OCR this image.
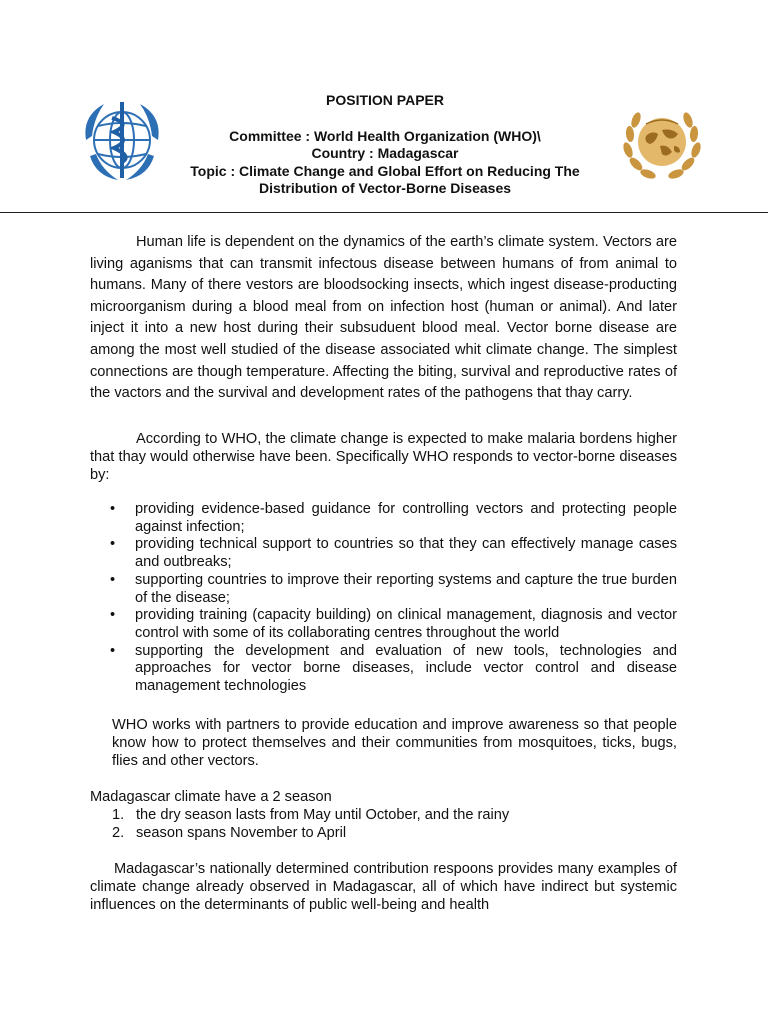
POSITION PAPER
Committee : World Health Organization (WHO)\
Country : Madagascar
Topic : Climate Change and Global Effort on Reducing The Distribution of Vector-Borne Diseases
Human life is dependent on the dynamics of the earth’s climate system. Vectors are living aganisms that can transmit infectous disease between humans of from animal to humans. Many of there vestors are bloodsocking insects, which ingest disease-producting microorganism during a blood meal from on infection host (human or animal). And later inject it into a new host during their subsuduent blood meal. Vector borne disease are among the most well studied of the disease associated whit climate change. The simplest connections are though temperature. Affecting the biting, survival and reproductive rates of the vactors and the survival and development rates of the pathogens that thay carry.
According to WHO, the climate change is expected to make malaria bordens higher that thay would otherwise have been. Specifically WHO responds to vector-borne diseases by:
• providing evidence-based guidance for controlling vectors and protecting people against infection;
• providing technical support to countries so that they can effectively manage cases and outbreaks;
• supporting countries to improve their reporting systems and capture the true burden of the disease;
• providing training (capacity building) on clinical management, diagnosis and vector control with some of its collaborating centres throughout the world
• supporting the development and evaluation of new tools, technologies and approaches for vector borne diseases, include vector control and disease management technologies
WHO works with partners to provide education and improve awareness so that people know how to protect themselves and their communities from mosquitoes, ticks, bugs, flies and other vectors.
Madagascar climate have a 2 season
1. the dry season lasts from May until October, and the rainy
2. season spans November to April
Madagascar’s nationally determined contribution respoons provides many examples of climate change already observed in Madagascar, all of which have indirect but systemic influences on the determinants of public well-being and health
